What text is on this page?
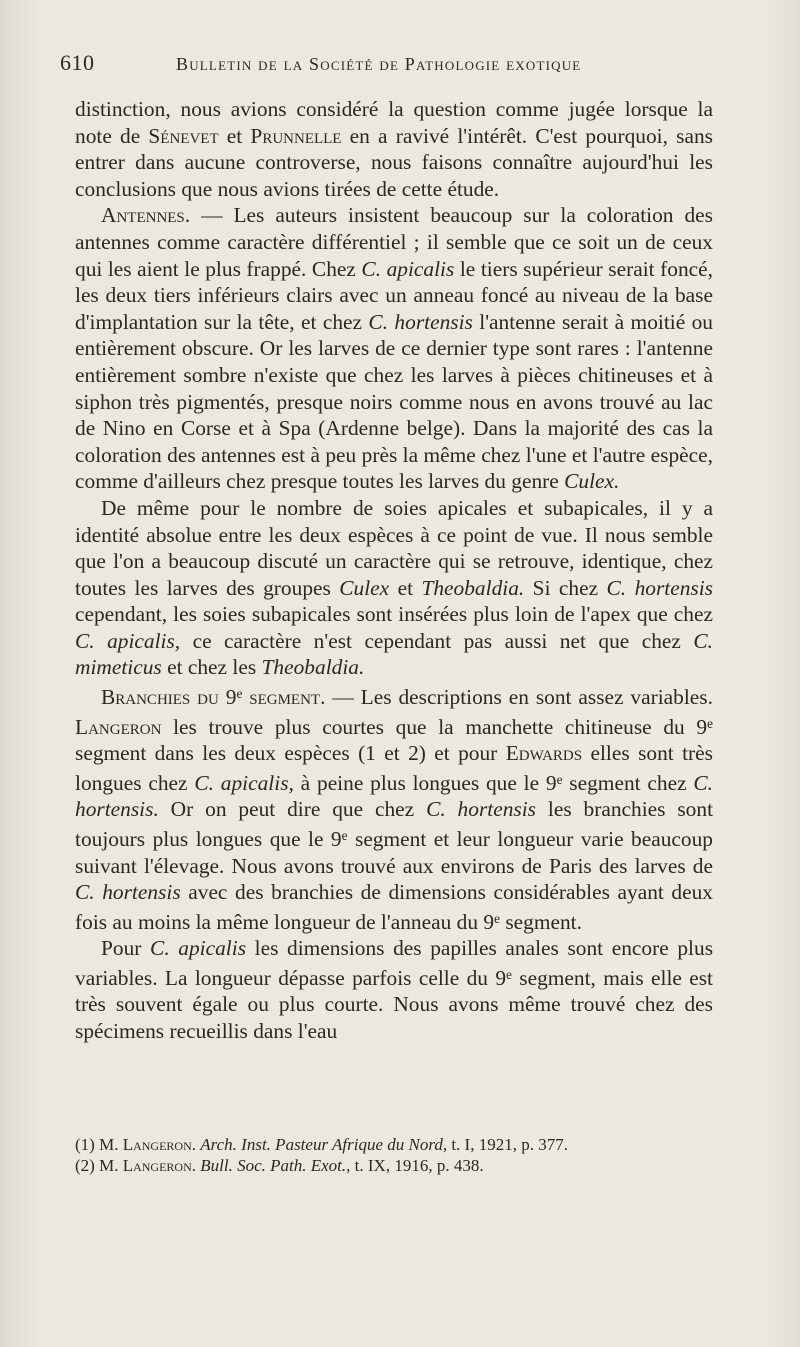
610	Bulletin de la Société de Pathologie exotique

distinction, nous avions considéré la question comme jugée lorsque la note de Sénevet et Prunnelle en a ravivé l'intérêt. C'est pourquoi, sans entrer dans aucune controverse, nous faisons connaître aujourd'hui les conclusions que nous avions tirées de cette étude.

Antennes. — Les auteurs insistent beaucoup sur la coloration des antennes comme caractère différentiel ; il semble que ce soit un de ceux qui les aient le plus frappé. Chez C. apicalis le tiers supérieur serait foncé, les deux tiers inférieurs clairs avec un anneau foncé au niveau de la base d'implantation sur la tête, et chez C. hortensis l'antenne serait à moitié ou entièrement obscure. Or les larves de ce dernier type sont rares : l'antenne entièrement sombre n'existe que chez les larves à pièces chitineuses et à siphon très pigmentés, presque noirs comme nous en avons trouvé au lac de Nino en Corse et à Spa (Ardenne belge). Dans la majorité des cas la coloration des antennes est à peu près la même chez l'une et l'autre espèce, comme d'ailleurs chez presque toutes les larves du genre Culex.

De même pour le nombre de soies apicales et subapicales, il y a identité absolue entre les deux espèces à ce point de vue. Il nous semble que l'on a beaucoup discuté un caractère qui se retrouve, identique, chez toutes les larves des groupes Culex et Theobaldia. Si chez C. hortensis cependant, les soies subapicales sont insérées plus loin de l'apex que chez C. apicalis, ce caractère n'est cependant pas aussi net que chez C. mimeticus et chez les Theobaldia.

Branchies du 9e segment. — Les descriptions en sont assez variables. Langeron les trouve plus courtes que la manchette chitineuse du 9e segment dans les deux espèces (1 et 2) et pour Edwards elles sont très longues chez C. apicalis, à peine plus longues que le 9e segment chez C. hortensis. Or on peut dire que chez C. hortensis les branchies sont toujours plus longues que le 9e segment et leur longueur varie beaucoup suivant l'élevage. Nous avons trouvé aux environs de Paris des larves de C. hortensis avec des branchies de dimensions considérables ayant deux fois au moins la même longueur de l'anneau du 9e segment.

Pour C. apicalis les dimensions des papilles anales sont encore plus variables. La longueur dépasse parfois celle du 9e segment, mais elle est très souvent égale ou plus courte. Nous avons même trouvé chez des spécimens recueillis dans l'eau

(1) M. Langeron. Arch. Inst. Pasteur Afrique du Nord, t. I, 1921, p. 377.
(2) M. Langeron. Bull. Soc. Path. Exot., t. IX, 1916, p. 438.
